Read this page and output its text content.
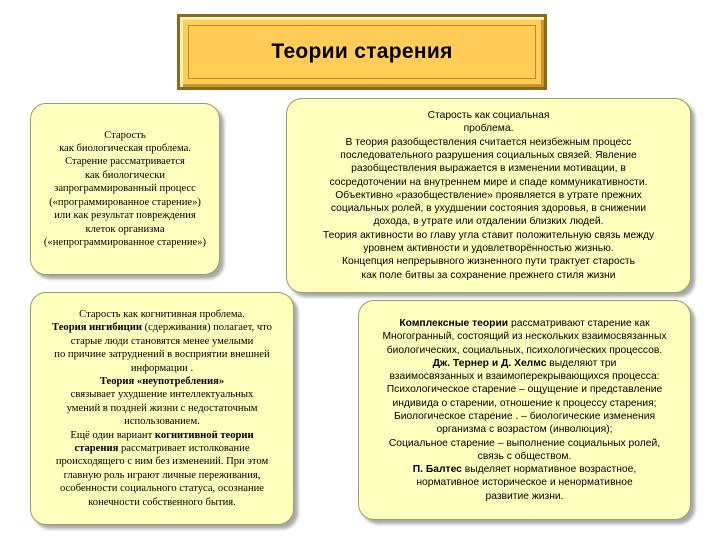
Теории старения
Старость
как биологическая проблема.
Старение рассматривается
как биологически
запрограммированный процесс
(«программированное старение»)
или как результат повреждения
клеток организма
(«непрограммированное старение»)
Старость как социальная
проблема.
В теория разобществления считается неизбежным процесс
последовательного разрушения социальных связей. Явление
разобществления выражается в изменении мотивации, в
сосредоточении на внутреннем мире и спаде коммуникативности.
Объективно «разобществление» проявляется в утрате прежних
социальных ролей, в ухудшении состояния здоровья, в снижении
дохода, в утрате или отдалении близких людей.
Теория активности во главу угла ставит положительную связь между
уровнем активности и удовлетворённостью жизнью.
Концепция непрерывного жизненного пути трактует старость
как поле битвы за сохранение прежнего стиля жизни
Старость как когнитивная проблема.
Теория ингибиции (сдерживания) полагает, что
старые люди становятся менее умелыми
по причине затруднений в восприятии внешней
информации .
Теория «неупотребления»
связывает ухудшение интеллектуальных
умений в поздней жизни с недостаточным
использованием.
Ещё один вариант когнитивной теории
старения рассматривает истолкование
происходящего с ним без изменений. При этом
главную роль играют личные переживания,
особенности социального статуса, осознание
конечности собственного бытия.
Комплексные теории рассматривают старение как
Многогранный, состоящий из нескольких взаимосвязанных
биологических, социальных, психологических процессов.
Дж. Тернер и Д. Хелмс выделяют три
взаимосвязанных и взаимоперекрывающихся процесса:
Психологическое старение – ощущение и представление
индивида о старении, отношение к процессу старения;
Биологическое старение . – биологические изменения
организма с возрастом (инволюция);
Социальное старение – выполнение социальных ролей,
связь с обществом.
П. Балтес выделяет нормативное возрастное,
нормативное историческое и ненормативное
развитие жизни.
